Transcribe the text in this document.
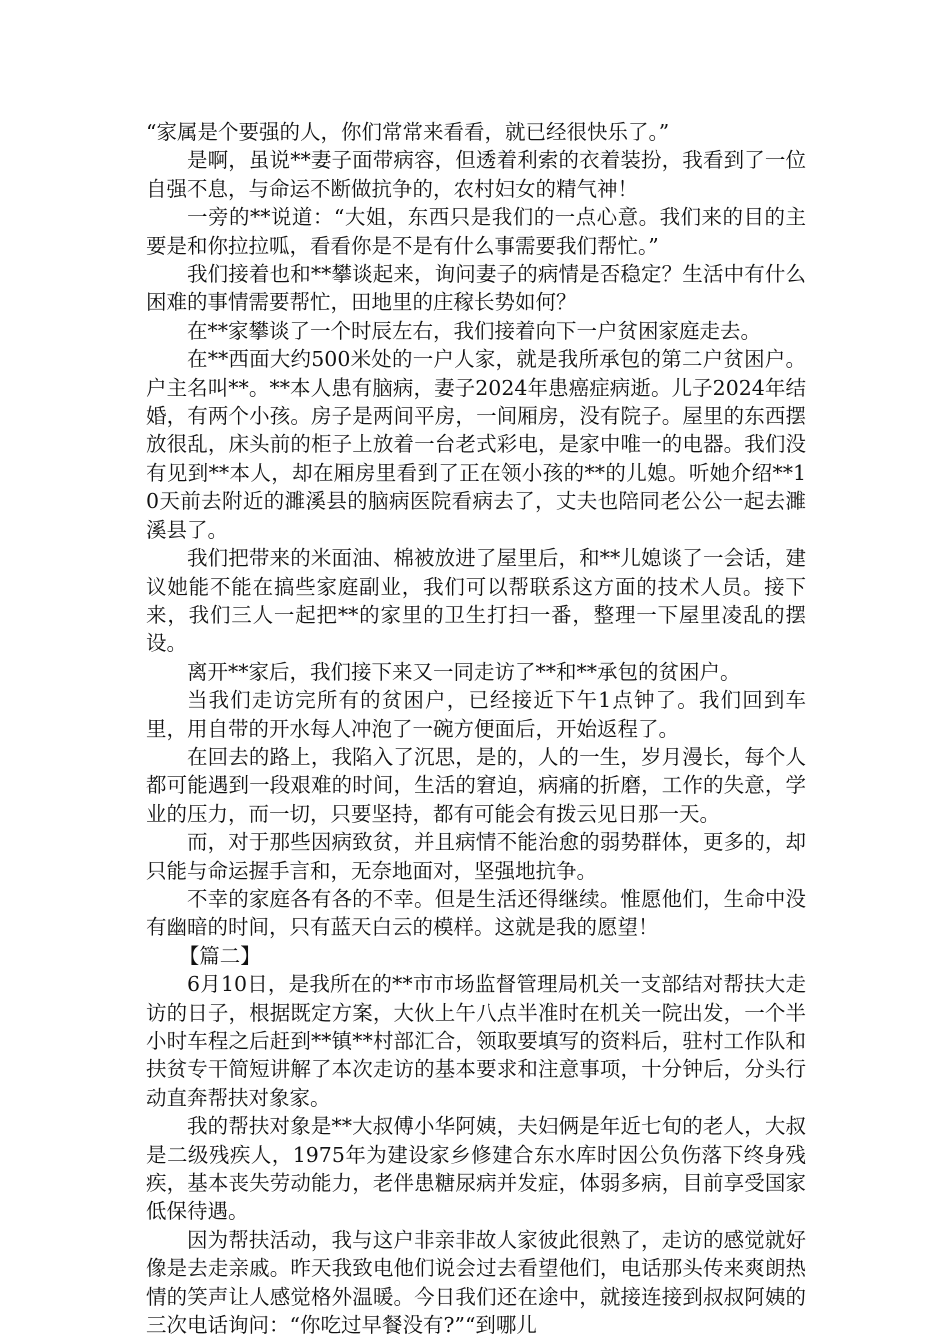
“家属是个要强的人，你们常常来看看，就已经很快乐了。”

是啊，虽说**妻子面带病容，但透着利索的衣着装扮，我看到了一位自强不息，与命运不断做抗争的，农村妇女的精气神！

一旁的**说道：“大姐，东西只是我们的一点心意。我们来的目的主要是和你拉拉呱，看看你是不是有什么事需要我们帮忙。”

我们接着也和**攀谈起来，询问妻子的病情是否稳定？生活中有什么困难的事情需要帮忙，田地里的庄稼长势如何？

在**家攀谈了一个时辰左右，我们接着向下一户贫困家庭走去。

在**西面大约500米处的一户人家，就是我所承包的第二户贫困户。户主名叫**。**本人患有脑病，妻子2024年患癌症病逝。儿子2024年结婚，有两个小孩。房子是两间平房，一间厢房，没有院子。屋里的东西摆放很乱，床头前的柜子上放着一台老式彩电，是家中唯一的电器。我们没有见到**本人，却在厢房里看到了正在领小孩的**的儿媳。听她介绍**10天前去附近的濉溪县的脑病医院看病去了，丈夫也陪同老公公一起去濉溪县了。

我们把带来的米面油、棉被放进了屋里后，和**儿媳谈了一会话，建议她能不能在搞些家庭副业，我们可以帮联系这方面的技术人员。接下来，我们三人一起把**的家里的卫生打扫一番，整理一下屋里凌乱的摆设。

离开**家后，我们接下来又一同走访了**和**承包的贫困户。

当我们走访完所有的贫困户，已经接近下午1点钟了。我们回到车里，用自带的开水每人冲泡了一碗方便面后，开始返程了。

在回去的路上，我陷入了沉思，是的，人的一生，岁月漫长，每个人都可能遇到一段艰难的时间，生活的窘迫，病痛的折磨，工作的失意，学业的压力，而一切，只要坚持，都有可能会有拨云见日那一天。

而，对于那些因病致贫，并且病情不能治愈的弱势群体，更多的，却只能与命运握手言和，无奈地面对，坚强地抗争。

不幸的家庭各有各的不幸。但是生活还得继续。惟愿他们，生命中没有幽暗的时间，只有蓝天白云的模样。这就是我的愿望！

【篇二】

6月10日，是我所在的**市市场监督管理局机关一支部结对帮扶大走访的日子，根据既定方案，大伙上午八点半准时在机关一院出发，一个半小时车程之后赶到**镇**村部汇合，领取要填写的资料后，驻村工作队和扶贫专干简短讲解了本次走访的基本要求和注意事项，十分钟后，分头行动直奔帮扶对象家。

我的帮扶对象是**大叔傅小华阿姨，夫妇俩是年近七旬的老人，大叔是二级残疾人，1975年为建设家乡修建合东水库时因公负伤落下终身残疾，基本丧失劳动能力，老伴患糖尿病并发症，体弱多病，目前享受国家低保待遇。

因为帮扶活动，我与这户非亲非故人家彼此很熟了，走访的感觉就好像是去走亲戚。昨天我致电他们说会过去看望他们，电话那头传来爽朗热情的笑声让人感觉格外温暖。今日我们还在途中，就接连接到叔叔阿姨的三次电话询问：“你吃过早餐没有?”“到哪儿
